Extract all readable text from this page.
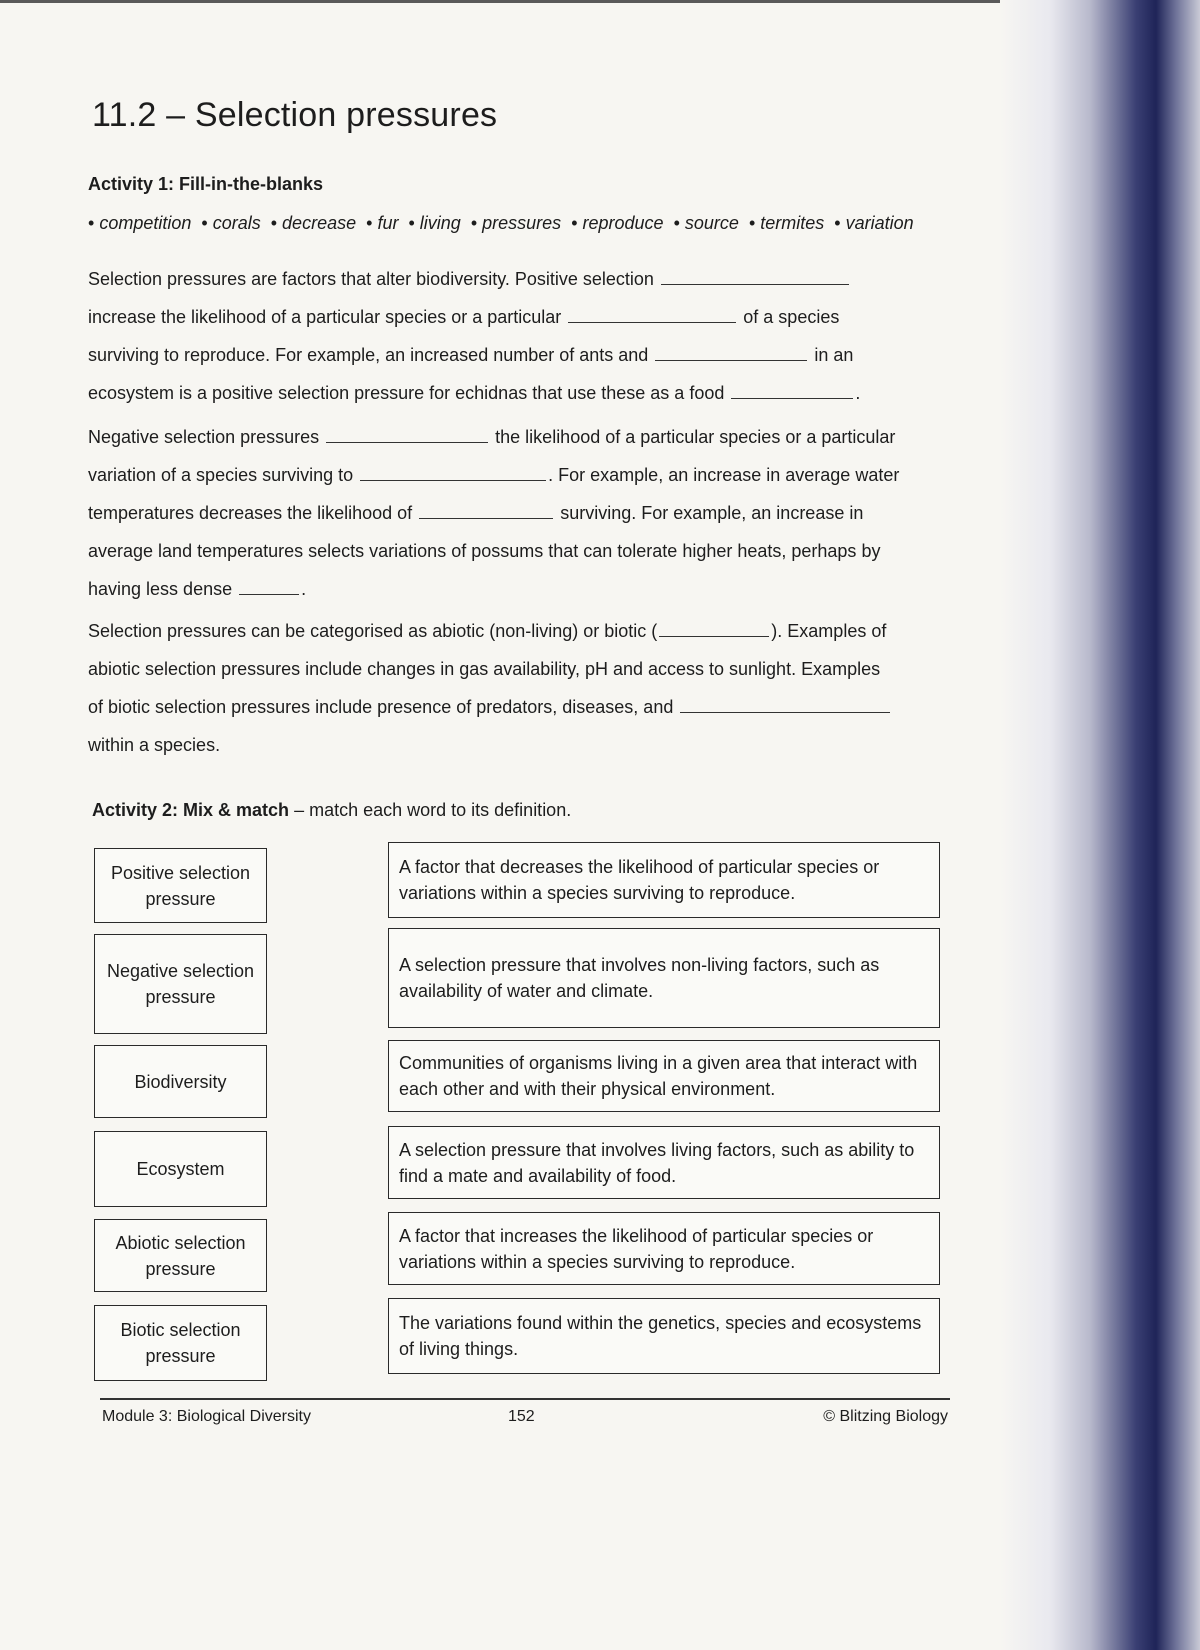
11.2 – Selection pressures
Activity 1: Fill-in-the-blanks
• competition • corals • decrease • fur • living • pressures • reproduce • source • termites • variation

Selection pressures are factors that alter biodiversity. Positive selection
increase the likelihood of a particular species or a particular	of a species
surviving to reproduce. For example, an increased number of ants and	in an
ecosystem is a positive selection pressure for echidnas that use these as a food	.

Negative selection pressures	the likelihood of a particular species or a particular
variation of a species surviving to	. For example, an increase in average water
temperatures decreases the likelihood of	surviving. For example, an increase in
average land temperatures selects variations of possums that can tolerate higher heats, perhaps by
having less dense	.

Selection pressures can be categorised as abiotic (non-living) or biotic (	). Examples of
abiotic selection pressures include changes in gas availability, pH and access to sunlight. Examples
of biotic selection pressures include presence of predators, diseases, and
within a species.

Activity 2: Mix & match – match each word to its definition.
Positive selection pressure
Negative selection pressure
Biodiversity
Ecosystem
Abiotic selection pressure
Biotic selection pressure
A factor that decreases the likelihood of particular species or variations within a species surviving to reproduce.
A selection pressure that involves non-living factors, such as availability of water and climate.
Communities of organisms living in a given area that interact with each other and with their physical environment.
A selection pressure that involves living factors, such as ability to find a mate and availability of food.
A factor that increases the likelihood of particular species or variations within a species surviving to reproduce.
The variations found within the genetics, species and ecosystems of living things.
Module 3: Biological Diversity	152	© Blitzing Biology
